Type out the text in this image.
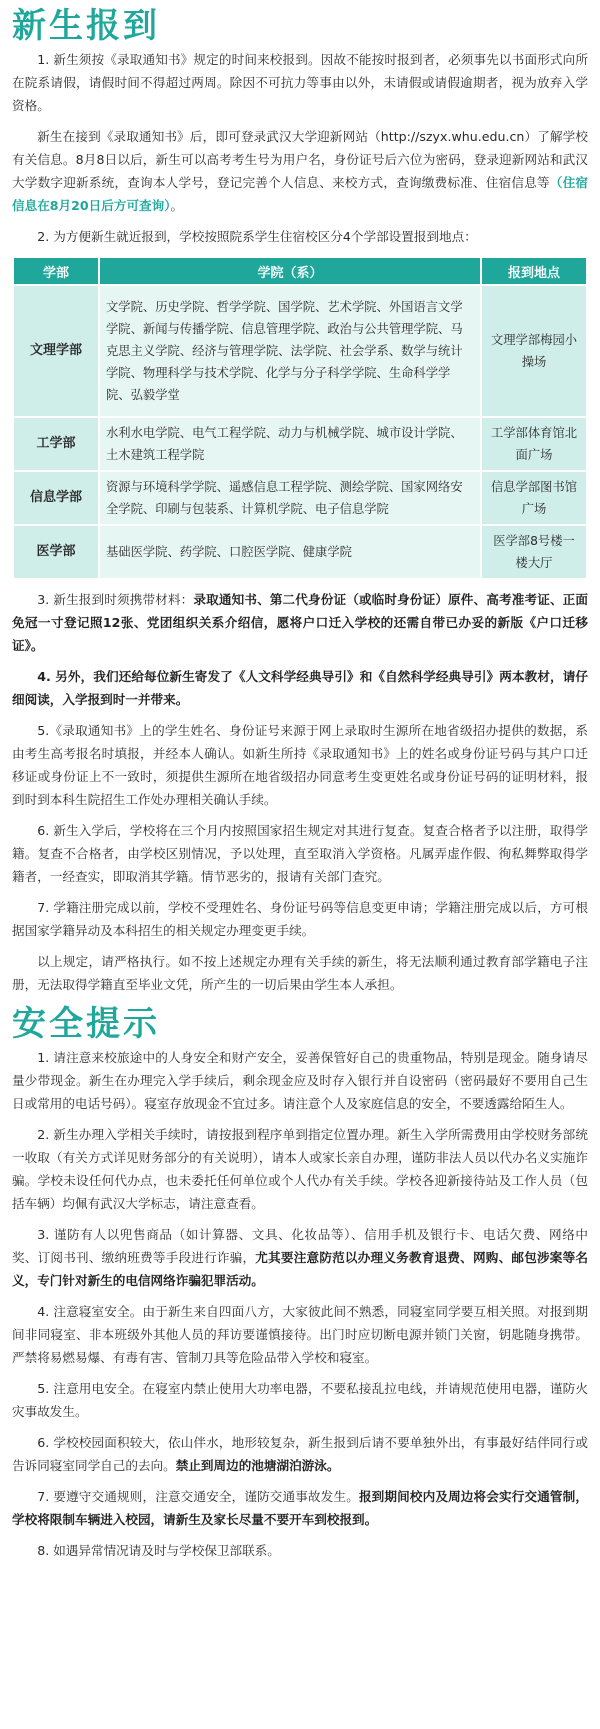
新生报到

1. 新生须按《录取通知书》规定的时间来校报到。因故不能按时报到者，必须事先以书面形式向所在院系请假，请假时间不得超过两周。除因不可抗力等事由以外，未请假或请假逾期者，视为放弃入学资格。

新生在接到《录取通知书》后，即可登录武汉大学迎新网站（http://szyx.whu.edu.cn）了解学校有关信息。8月8日以后，新生可以高考考生号为用户名，身份证号后六位为密码，登录迎新网站和武汉大学数字迎新系统，查询本人学号，登记完善个人信息、来校方式，查询缴费标准、住宿信息等（住宿信息在8月20日后方可查询）。

2. 为方便新生就近报到，学校按照院系学生住宿校区分4个学部设置报到地点：

学部	学院（系）	报到地点
文理学部	文学院、历史学院、哲学学院、国学院、艺术学院、外国语言文学学院、新闻与传播学院、信息管理学院、政治与公共管理学院、马克思主义学院、经济与管理学院、法学院、社会学系、数学与统计学院、物理科学与技术学院、化学与分子科学学院、生命科学学院、弘毅学堂	文理学部梅园小操场
工学部	水利水电学院、电气工程学院、动力与机械学院、城市设计学院、土木建筑工程学院	工学部体育馆北面广场
信息学部	资源与环境科学学院、遥感信息工程学院、测绘学院、国家网络安全学院、印刷与包装系、计算机学院、电子信息学院	信息学部图书馆广场
医学部	基础医学院、药学院、口腔医学院、健康学院	医学部8号楼一楼大厅

3. 新生报到时须携带材料：录取通知书、第二代身份证（或临时身份证）原件、高考准考证、正面免冠一寸登记照12张、党团组织关系介绍信，愿将户口迁入学校的还需自带已办妥的新版《户口迁移证》。

4. 另外，我们还给每位新生寄发了《人文科学经典导引》和《自然科学经典导引》两本教材，请仔细阅读，入学报到时一并带来。

5.《录取通知书》上的学生姓名、身份证号来源于网上录取时生源所在地省级招办提供的数据，系由考生高考报名时填报，并经本人确认。如新生所持《录取通知书》上的姓名或身份证号码与其户口迁移证或身份证上不一致时，须提供生源所在地省级招办同意考生变更姓名或身份证号码的证明材料，报到时到本科生院招生工作处办理相关确认手续。

6. 新生入学后，学校将在三个月内按照国家招生规定对其进行复查。复查合格者予以注册，取得学籍。复查不合格者，由学校区别情况，予以处理，直至取消入学资格。凡属弄虚作假、徇私舞弊取得学籍者，一经查实，即取消其学籍。情节恶劣的，报请有关部门查究。

7. 学籍注册完成以前，学校不受理姓名、身份证号码等信息变更申请；学籍注册完成以后，方可根据国家学籍异动及本科招生的相关规定办理变更手续。

以上规定，请严格执行。如不按上述规定办理有关手续的新生，将无法顺利通过教育部学籍电子注册，无法取得学籍直至毕业文凭，所产生的一切后果由学生本人承担。

安全提示

1. 请注意来校旅途中的人身安全和财产安全，妥善保管好自己的贵重物品，特别是现金。随身请尽量少带现金。新生在办理完入学手续后，剩余现金应及时存入银行并自设密码（密码最好不要用自己生日或常用的电话号码）。寝室存放现金不宜过多。请注意个人及家庭信息的安全，不要透露给陌生人。

2. 新生办理入学相关手续时，请按报到程序单到指定位置办理。新生入学所需费用由学校财务部统一收取（有关方式详见财务部分的有关说明），请本人或家长亲自办理，谨防非法人员以代办名义实施诈骗。学校未设任何代办点，也未委托任何单位或个人代办有关手续。学校各迎新接待站及工作人员（包括车辆）均佩有武汉大学标志，请注意查看。

3. 谨防有人以兜售商品（如计算器、文具、化妆品等）、信用手机及银行卡、电话欠费、网络中奖、订阅书刊、缴纳班费等手段进行诈骗，尤其要注意防范以办理义务教育退费、网购、邮包涉案等名义，专门针对新生的电信网络诈骗犯罪活动。

4. 注意寝室安全。由于新生来自四面八方，大家彼此间不熟悉，同寝室同学要互相关照。对报到期间非同寝室、非本班级外其他人员的拜访要谨慎接待。出门时应切断电源并锁门关窗，钥匙随身携带。严禁将易燃易爆、有毒有害、管制刀具等危险品带入学校和寝室。

5. 注意用电安全。在寝室内禁止使用大功率电器，不要私接乱拉电线，并请规范使用电器，谨防火灾事故发生。

6. 学校校园面积较大，依山伴水，地形较复杂，新生报到后请不要单独外出，有事最好结伴同行或告诉同寝室同学自己的去向。禁止到周边的池塘湖泊游泳。

7. 要遵守交通规则，注意交通安全，谨防交通事故发生。报到期间校内及周边将会实行交通管制，学校将限制车辆进入校园，请新生及家长尽量不要开车到校报到。

8. 如遇异常情况请及时与学校保卫部联系。
